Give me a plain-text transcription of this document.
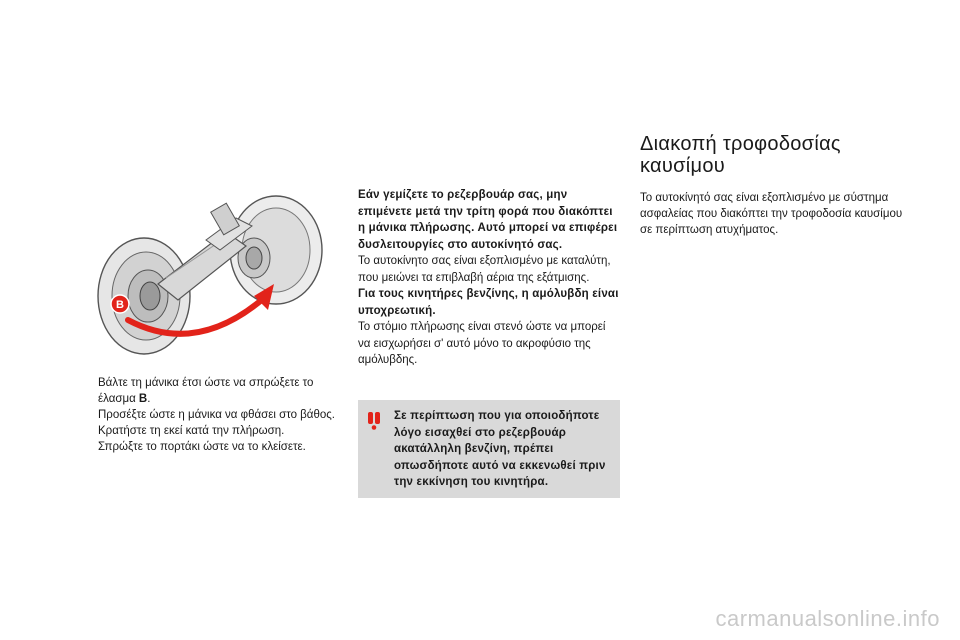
B
Βάλτε τη μάνικα έτσι ώστε να σπρώξετε το έλασμα B.
Προσέξτε ώστε η μάνικα να φθάσει στο βάθος.
Κρατήστε τη εκεί κατά την πλήρωση.
Σπρώξτε το πορτάκι ώστε να το κλείσετε.
Εάν γεμίζετε το ρεζερβουάρ σας, μην επιμένετε μετά την τρίτη φορά που διακόπτει η μάνικα πλήρωσης. Αυτό μπορεί να επιφέρει δυσλειτουργίες στο αυτοκίνητό σας.
Το αυτοκίνητο σας είναι εξοπλισμένο με καταλύτη, που μειώνει τα επιβλαβή αέρια της εξάτμισης.
Για τους κινητήρες βενζίνης, η αμόλυβδη είναι υποχρεωτική.
Το στόμιο πλήρωσης είναι στενό ώστε να μπορεί να εισχωρήσει σ' αυτό μόνο το ακροφύσιο της αμόλυβδης.
Σε περίπτωση που για οποιοδήποτε λόγο εισαχθεί στο ρεζερβουάρ ακατάλληλη βενζίνη, πρέπει οπωσδήποτε αυτό να εκκενωθεί πριν την εκκίνηση του κινητήρα.
Διακοπή τροφοδοσίας καυσίμου
Το αυτοκίνητό σας είναι εξοπλισμένο με σύστημα ασφαλείας που διακόπτει την τροφοδοσία καυσίμου σε περίπτωση ατυχήματος.
carmanualsonline.info
